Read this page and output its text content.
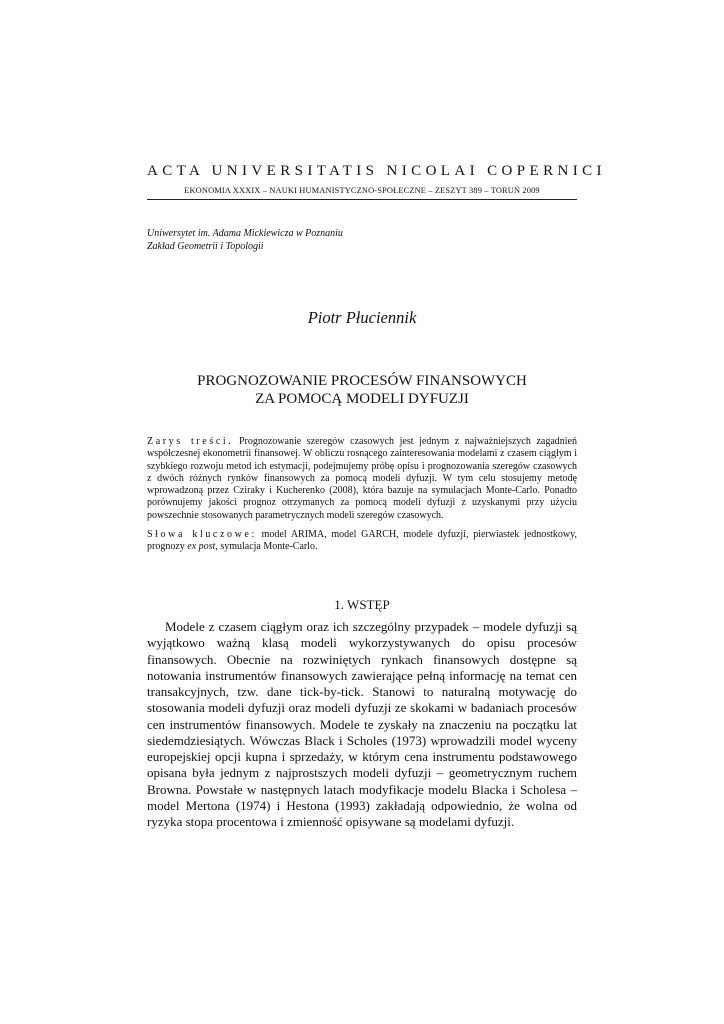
ACTA UNIVERSITATIS NICOLAI COPERNICI
EKONOMIA XXXIX – NAUKI HUMANISTYCZNO-SPOŁECZNE – ZESZYT 389 – TORUŃ 2009
Uniwersytet im. Adama Mickiewicza w Poznaniu
Zakład Geometrii i Topologii
Piotr Płuciennik
PROGNOZOWANIE PROCESÓW FINANSOWYCH
ZA POMOCĄ MODELI DYFUZJI

Zarys treści. Prognozowanie szeregów czasowych jest jednym z najważniejszych zagadnień współczesnej ekonometrii finansowej. W obliczu rosnącego zainteresowania modelami z czasem ciągłym i szybkiego rozwoju metod ich estymacji, podejmujemy próbę opisu i prognozowania szeregów czasowych z dwóch różnych rynków finansowych za pomocą modeli dyfuzji. W tym celu stosujemy metodę wprowadzoną przez Cziraky i Kucherenko (2008), która bazuje na symulacjach Monte-Carlo. Ponadto porównujemy jakości prognoz otrzymanych za pomocą modeli dyfuzji z uzyskanymi przy użyciu powszechnie stosowanych parametrycznych modeli szeregów czasowych.

Słowa kluczowe: model ARIMA, model GARCH, modele dyfuzji, pierwiastek jednostkowy, prognozy ex post, symulacja Monte-Carlo.

1. WSTĘP

Modele z czasem ciągłym oraz ich szczególny przypadek – modele dyfuzji są wyjątkowo ważną klasą modeli wykorzystywanych do opisu procesów finansowych. Obecnie na rozwiniętych rynkach finansowych dostępne są notowania instrumentów finansowych zawierające pełną informację na temat cen transakcyjnych, tzw. dane tick-by-tick. Stanowi to naturalną motywację do stosowania modeli dyfuzji oraz modeli dyfuzji ze skokami w badaniach procesów cen instrumentów finansowych. Modele te zyskały na znaczeniu na początku lat siedemdziesiątych. Wówczas Black i Scholes (1973) wprowadzili model wyceny europejskiej opcji kupna i sprzedaży, w którym cena instrumentu podstawowego opisana była jednym z najprostszych modeli dyfuzji – geometrycznym ruchem Browna. Powstałe w następnych latach modyfikacje modelu Blacka i Scholesa – model Mertona (1974) i Hestona (1993) zakładają odpowiednio, że wolna od ryzyka stopa procentowa i zmienność opisywane są modelami dyfuzji.
